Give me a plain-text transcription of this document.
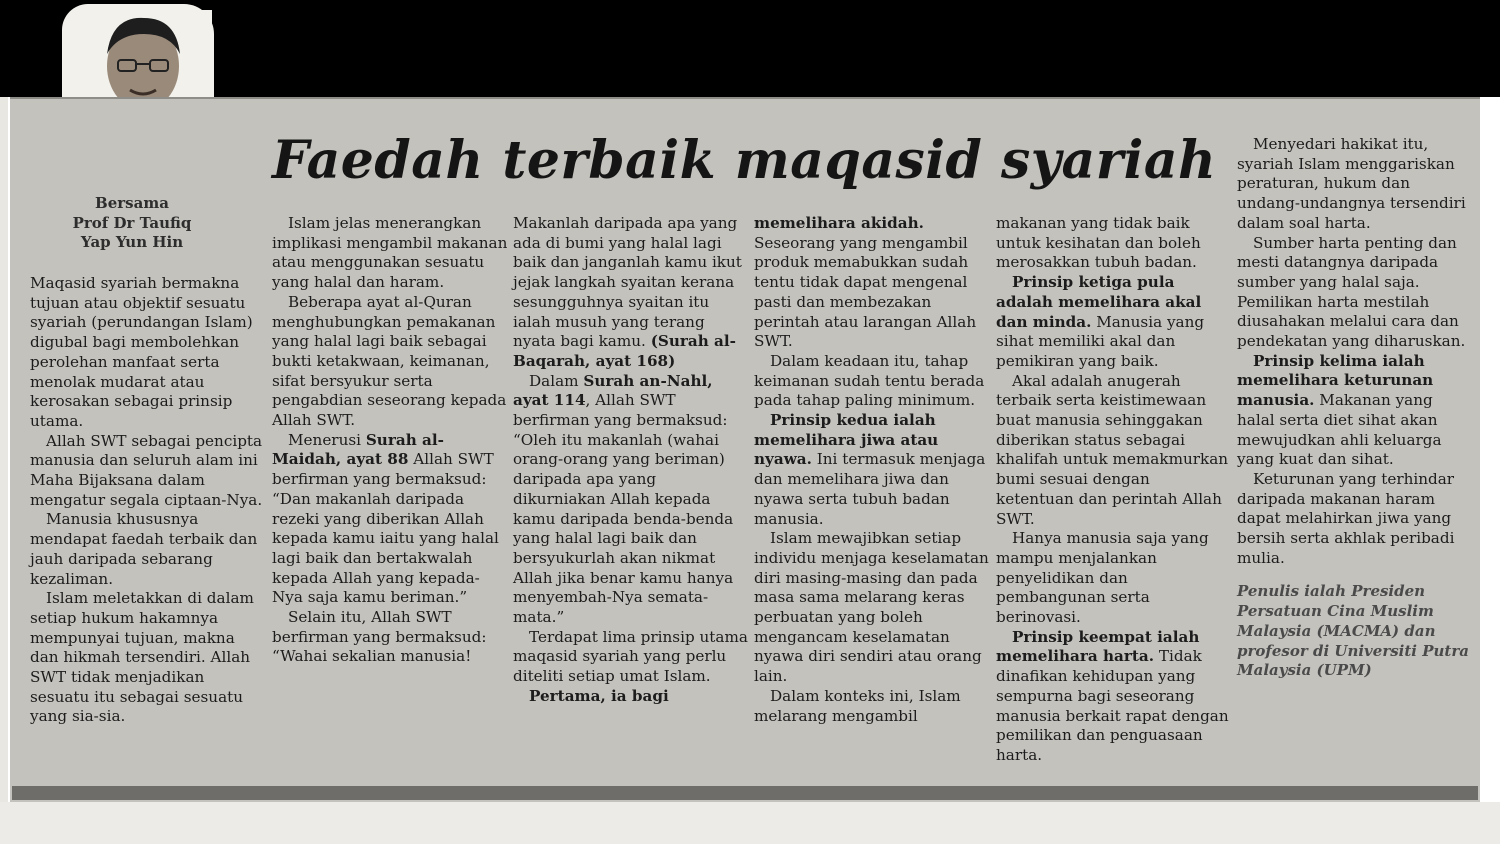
Faedah terbaik maqasid syariah
Bersama
Prof Dr Taufiq
Yap Yun Hin

Maqasid syariah bermakna tujuan atau objektif sesuatu syariah (perundangan Islam) digubal bagi membolehkan perolehan manfaat serta menolak mudarat atau kerosakan sebagai prinsip utama.

Allah SWT sebagai pencipta manusia dan seluruh alam ini Maha Bijaksana dalam mengatur segala ciptaan-Nya.

Manusia khususnya mendapat faedah terbaik dan jauh daripada sebarang kezaliman.

Islam meletakkan di dalam setiap hukum hakamnya mempunyai tujuan, makna dan hikmah tersendiri. Allah SWT tidak menjadikan sesuatu itu sebagai sesuatu yang sia-sia.

Islam jelas menerangkan implikasi mengambil makanan atau menggunakan sesuatu yang halal dan haram.

Beberapa ayat al-Quran menghubungkan pemakanan yang halal lagi baik sebagai bukti ketakwaan, keimanan, sifat bersyukur serta pengabdian seseorang kepada Allah SWT.

Menerusi Surah al-Maidah, ayat 88 Allah SWT berfirman yang bermaksud: “Dan makanlah daripada rezeki yang diberikan Allah kepada kamu iaitu yang halal lagi baik dan bertakwalah kepada Allah yang kepada-Nya saja kamu beriman.”

Selain itu, Allah SWT berfirman yang bermaksud: “Wahai sekalian manusia!

Makanlah daripada apa yang ada di bumi yang halal lagi baik dan janganlah kamu ikut jejak langkah syaitan kerana sesungguhnya syaitan itu ialah musuh yang terang nyata bagi kamu. (Surah al-Baqarah, ayat 168)

Dalam Surah an-Nahl, ayat 114, Allah SWT berfirman yang bermaksud: “Oleh itu makanlah (wahai orang-orang yang beriman) daripada apa yang dikurniakan Allah kepada kamu daripada benda-benda yang halal lagi baik dan bersyukurlah akan nikmat Allah jika benar kamu hanya menyembah-Nya semata-mata.”

Terdapat lima prinsip utama maqasid syariah yang perlu diteliti setiap umat Islam.

Pertama, ia bagi

memelihara akidah. Seseorang yang mengambil produk memabukkan sudah tentu tidak dapat mengenal pasti dan membezakan perintah atau larangan Allah SWT.

Dalam keadaan itu, tahap keimanan sudah tentu berada pada tahap paling minimum.

Prinsip kedua ialah memelihara jiwa atau nyawa. Ini termasuk menjaga dan memelihara jiwa dan nyawa serta tubuh badan manusia.

Islam mewajibkan setiap individu menjaga keselamatan diri masing-masing dan pada masa sama melarang keras perbuatan yang boleh mengancam keselamatan nyawa diri sendiri atau orang lain.

Dalam konteks ini, Islam melarang mengambil

makanan yang tidak baik untuk kesihatan dan boleh merosakkan tubuh badan.

Prinsip ketiga pula adalah memelihara akal dan minda. Manusia yang sihat memiliki akal dan pemikiran yang baik.

Akal adalah anugerah terbaik serta keistimewaan buat manusia sehinggakan diberikan status sebagai khalifah untuk memakmurkan bumi sesuai dengan ketentuan dan perintah Allah SWT.

Hanya manusia saja yang mampu menjalankan penyelidikan dan pembangunan serta berinovasi.

Prinsip keempat ialah memelihara harta. Tidak dinafikan kehidupan yang sempurna bagi seseorang manusia berkait rapat dengan pemilikan dan penguasaan harta.

Menyedari hakikat itu, syariah Islam menggariskan peraturan, hukum dan undang-undangnya tersendiri dalam soal harta.

Sumber harta penting dan mesti datangnya daripada sumber yang halal saja. Pemilikan harta mestilah diusahakan melalui cara dan pendekatan yang diharuskan.

Prinsip kelima ialah memelihara keturunan manusia. Makanan yang halal serta diet sihat akan mewujudkan ahli keluarga yang kuat dan sihat.

Keturunan yang terhindar daripada makanan haram dapat melahirkan jiwa yang bersih serta akhlak peribadi mulia.

Penulis ialah Presiden Persatuan Cina Muslim Malaysia (MACMA) dan profesor di Universiti Putra Malaysia (UPM)
